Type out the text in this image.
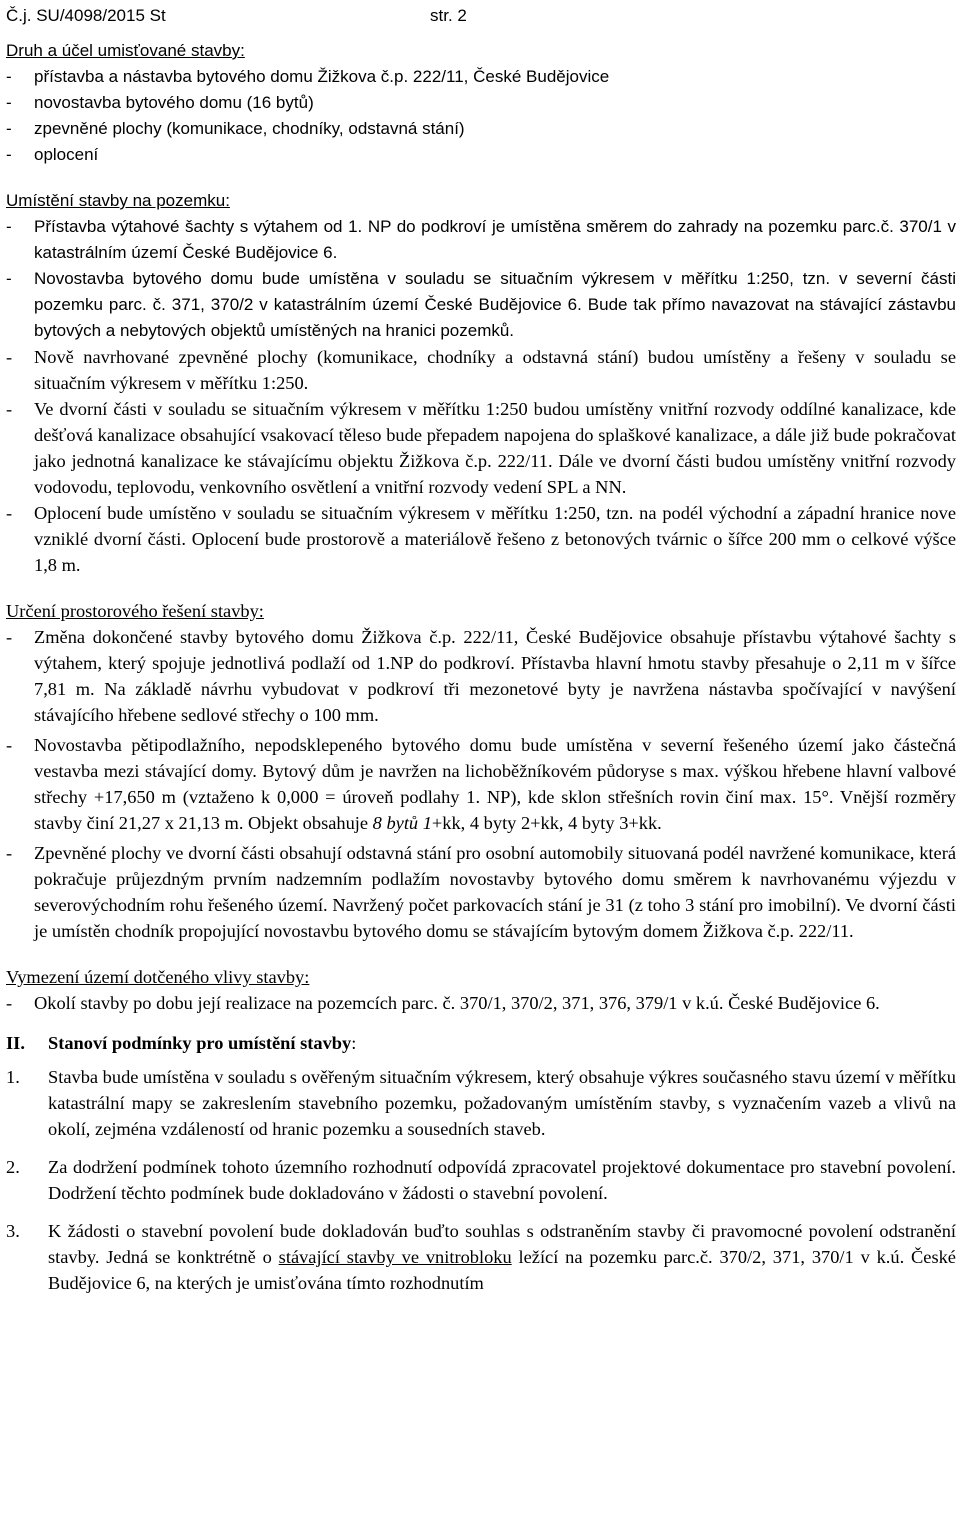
Č.j. SU/4098/2015 St	str. 2

Druh a účel umisťované stavby:

-	přístavba a nástavba bytového domu Žižkova č.p. 222/11, České Budějovice
-	novostavba bytového domu (16 bytů)
-	zpevněné plochy (komunikace, chodníky, odstavná stání)
-	oplocení

Umístění stavby na pozemku:

-	Přístavba výtahové šachty s výtahem od 1. NP do podkroví je umístěna směrem do zahrady na pozemku parc.č. 370/1 v katastrálním území České Budějovice 6.
-	Novostavba bytového domu bude umístěna v souladu se situačním výkresem v měřítku 1:250, tzn. v severní části pozemku parc. č. 371, 370/2 v katastrálním území České Budějovice 6. Bude tak přímo navazovat na stávající zástavbu bytových a nebytových objektů umístěných na hranici pozemků.
-	Nově navrhované zpevněné plochy (komunikace, chodníky a odstavná stání) budou umístěny a řešeny v souladu se situačním výkresem v měřítku 1:250.
-	Ve dvorní části v souladu se situačním výkresem v měřítku 1:250 budou umístěny vnitřní rozvody oddílné kanalizace, kde dešťová kanalizace obsahující vsakovací těleso bude přepadem napojena do splaškové kanalizace, a dále již bude pokračovat jako jednotná kanalizace ke stávajícímu objektu Žižkova č.p. 222/11. Dále ve dvorní části budou umístěny vnitřní rozvody vodovodu, teplovodu, venkovního osvětlení a vnitřní rozvody vedení SPL a NN.
-	Oplocení bude umístěno v souladu se situačním výkresem v měřítku 1:250, tzn. na podél východní a západní hranice nove vzniklé dvorní části. Oplocení bude prostorově a materiálově řešeno z betonových tvárnic o šířce 200 mm o celkové výšce 1,8 m.

Určení prostorového řešení stavby:

-	Změna dokončené stavby bytového domu Žižkova č.p. 222/11, České Budějovice obsahuje přístavbu výtahové šachty s výtahem, který spojuje jednotlivá podlaží od 1.NP do podkroví. Přístavba hlavní hmotu stavby přesahuje o 2,11 m v šířce 7,81 m. Na základě návrhu vybudovat v podkroví tři mezonetové byty je navržena nástavba spočívající v navýšení stávajícího hřebene sedlové střechy o 100 mm.
-	Novostavba pětipodlažního, nepodsklepeného bytového domu bude umístěna v severní řešeného území jako částečná vestavba mezi stávající domy. Bytový dům je navržen na lichoběžníkovém půdoryse s max. výškou hřebene hlavní valbové střechy +17,650 m (vztaženo k 0,000 = úroveň podlahy 1. NP), kde sklon střešních rovin činí max. 15°. Vnější rozměry stavby činí 21,27 x 21,13 m. Objekt obsahuje 8 bytů 1+kk, 4 byty 2+kk, 4 byty 3+kk.
-	Zpevněné plochy ve dvorní části obsahují odstavná stání pro osobní automobily situovaná podél navržené komunikace, která pokračuje průjezdným prvním nadzemním podlažím novostavby bytového domu směrem k navrhovanému výjezdu v severovýchodním rohu řešeného území. Navržený počet parkovacích stání je 31 (z toho 3 stání pro imobilní). Ve dvorní části je umístěn chodník propojující novostavbu bytového domu se stávajícím bytovým domem Žižkova č.p. 222/11.

Vymezení území dotčeného vlivy stavby:

-	Okolí stavby po dobu její realizace na pozemcích parc. č. 370/1, 370/2, 371, 376, 379/1 v k.ú. České Budějovice 6.

II.	Stanoví podmínky pro umístění stavby:

1.	Stavba bude umístěna v souladu s ověřeným situačním výkresem, který obsahuje výkres současného stavu území v měřítku katastrální mapy se zakreslením stavebního pozemku, požadovaným umístěním stavby, s vyznačením vazeb a vlivů na okolí, zejména vzdáleností od hranic pozemku a sousedních staveb.
2.	Za dodržení podmínek tohoto územního rozhodnutí odpovídá zpracovatel projektové dokumentace pro stavební povolení. Dodržení těchto podmínek bude dokladováno v žádosti o stavební povolení.
3.	K žádosti o stavební povolení bude dokladován buďto souhlas s odstraněním stavby či pravomocné povolení odstranění stavby. Jedná se konktrétně o stávající stavby ve vnitrobloku ležící na pozemku parc.č. 370/2, 371, 370/1 v k.ú. České Budějovice 6, na kterých je umisťována tímto rozhodnutím
